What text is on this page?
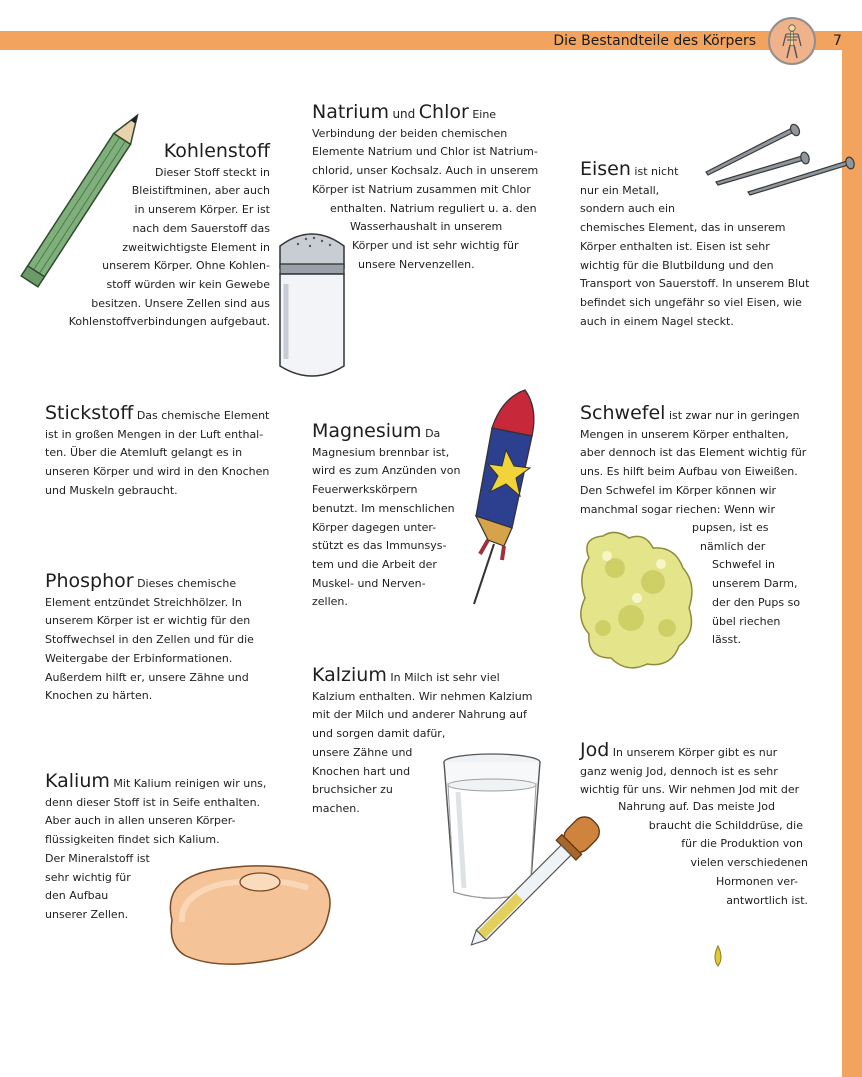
Die Bestandteile des Körpers	7

Kohlenstoff

Dieser Stoff steckt in

Bleistiftminen, aber auch

in unserem Körper. Er ist

nach dem Sauerstoff das

zweitwichtigste Element in

unserem Körper. Ohne Kohlen-

stoff würden wir kein Gewebe

besitzen. Unsere Zellen sind aus

Kohlenstoffverbindungen aufgebaut.

Natrium und Chlor Eine

Verbindung der beiden chemischen

Elemente Natrium und Chlor ist Natrium-

chlorid, unser Kochsalz. Auch in unserem

Körper ist Natrium zusammen mit Chlor

enthalten. Natrium reguliert u. a. den

Wasserhaushalt in unserem

Körper und ist sehr wichtig für

unsere Nervenzellen.

Eisen ist nicht

nur ein Metall,

sondern auch ein

chemisches Element, das in unserem

Körper enthalten ist. Eisen ist sehr

wichtig für die Blutbildung und den

Transport von Sauerstoff. In unserem Blut

befindet sich ungefähr so viel Eisen, wie

auch in einem Nagel steckt.

Stickstoff Das chemische Element

ist in großen Mengen in der Luft enthal-

ten. Über die Atemluft gelangt es in

unseren Körper und wird in den Knochen

und Muskeln gebraucht.

Magnesium Da

Magnesium brennbar ist,

wird es zum Anzünden von

Feuerwerkskörpern

benutzt. Im menschlichen

Körper dagegen unter-

stützt es das Immunsys-

tem und die Arbeit der

Muskel- und Nerven-

zellen.

Schwefel ist zwar nur in geringen

Mengen in unserem Körper enthalten,

aber dennoch ist das Element wichtig für

uns. Es hilft beim Aufbau von Eiweißen.

Den Schwefel im Körper können wir

manchmal sogar riechen: Wenn wir

pupsen, ist es

nämlich der

Schwefel in

unserem Darm,

der den Pups so

übel riechen

lässt.

Phosphor Dieses chemische

Element entzündet Streichhölzer. In

unserem Körper ist er wichtig für den

Stoffwechsel in den Zellen und für die

Weitergabe der Erbinformationen.

Außerdem hilft er, unsere Zähne und

Knochen zu härten.

Kalzium In Milch ist sehr viel

Kalzium enthalten. Wir nehmen Kalzium

mit der Milch und anderer Nahrung auf

und sorgen damit dafür,

unsere Zähne und

Knochen hart und

bruchsicher zu

machen.

Jod In unserem Körper gibt es nur

ganz wenig Jod, dennoch ist es sehr

wichtig für uns. Wir nehmen Jod mit der

Nahrung auf. Das meiste Jod

braucht die Schilddrüse, die

für die Produktion von

vielen verschiedenen

Hormonen ver-

antwortlich ist.

Kalium Mit Kalium reinigen wir uns,

denn dieser Stoff ist in Seife enthalten.

Aber auch in allen unseren Körper-

flüssigkeiten findet sich Kalium.

Der Mineralstoff ist

sehr wichtig für

den Aufbau

unserer Zellen.
